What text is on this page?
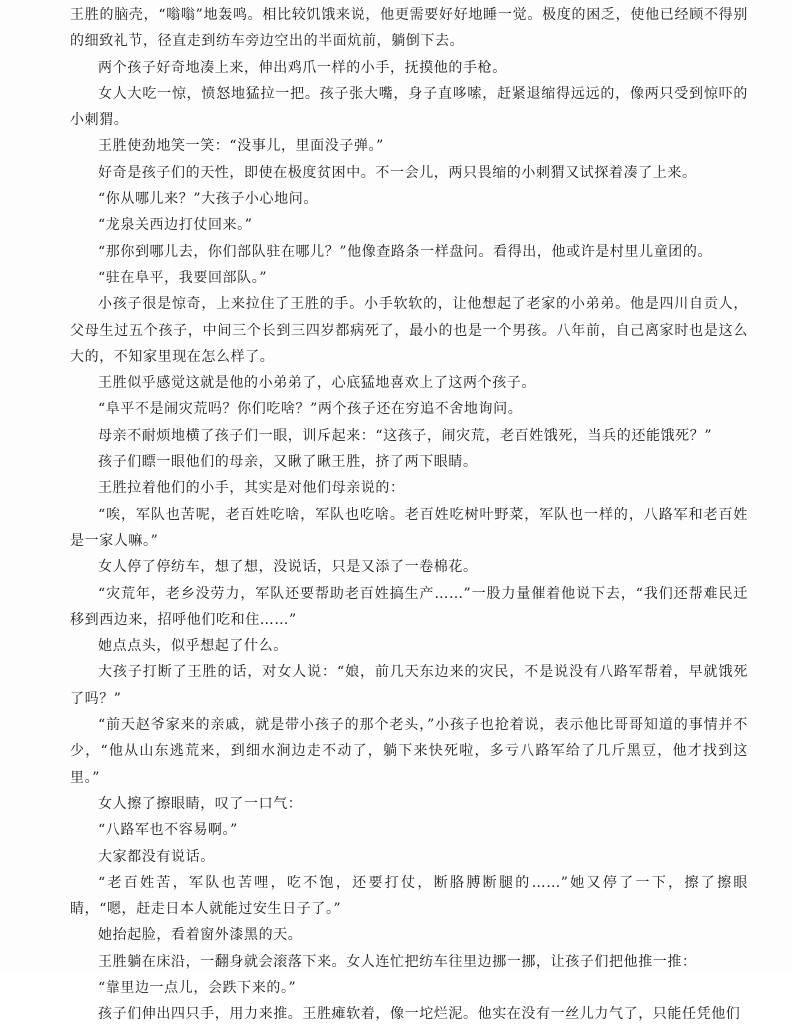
王胜的脑壳，“嗡嗡”地轰鸣。相比较饥饿来说，他更需要好好地睡一觉。极度的困乏，使他已经顾不得别的细致礼节，径直走到纺车旁边空出的半面炕前，躺倒下去。

两个孩子好奇地凑上来，伸出鸡爪一样的小手，抚摸他的手枪。

女人大吃一惊，愤怒地猛拉一把。孩子张大嘴，身子直哆嗦，赶紧退缩得远远的，像两只受到惊吓的小刺猬。

王胜使劲地笑一笑：“没事儿，里面没子弹。”

好奇是孩子们的天性，即使在极度贫困中。不一会儿，两只畏缩的小刺猬又试探着凑了上来。

“你从哪儿来？”大孩子小心地问。

“龙泉关西边打仗回来。”

“那你到哪儿去，你们部队驻在哪儿？”他像查路条一样盘问。看得出，他或许是村里儿童团的。

“驻在阜平，我要回部队。”

小孩子很是惊奇，上来拉住了王胜的手。小手软软的，让他想起了老家的小弟弟。他是四川自贡人，父母生过五个孩子，中间三个长到三四岁都病死了，最小的也是一个男孩。八年前，自己离家时也是这么大的，不知家里现在怎么样了。

王胜似乎感觉这就是他的小弟弟了，心底猛地喜欢上了这两个孩子。

“阜平不是闹灾荒吗？你们吃啥？”两个孩子还在穷追不舍地询问。

母亲不耐烦地横了孩子们一眼，训斥起来：“这孩子，闹灾荒，老百姓饿死，当兵的还能饿死？”

孩子们瞟一眼他们的母亲，又瞅了瞅王胜，挤了两下眼睛。

王胜拉着他们的小手，其实是对他们母亲说的：

“唉，军队也苦呢，老百姓吃啥，军队也吃啥。老百姓吃树叶野菜，军队也一样的，八路军和老百姓是一家人嘛。”

女人停了停纺车，想了想，没说话，只是又添了一卷棉花。

“灾荒年，老乡没劳力，军队还要帮助老百姓搞生产……”一股力量催着他说下去，“我们还帮难民迁移到西边来，招呼他们吃和住……”

她点点头，似乎想起了什么。

大孩子打断了王胜的话，对女人说：“娘，前几天东边来的灾民，不是说没有八路军帮着，早就饿死了吗？”

“前天赵爷家来的亲戚，就是带小孩子的那个老头，”小孩子也抢着说，表示他比哥哥知道的事情并不少，“他从山东逃荒来，到细水涧边走不动了，躺下来快死啦，多亏八路军给了几斤黑豆，他才找到这里。”

女人擦了擦眼睛，叹了一口气：

“八路军也不容易啊。”

大家都没有说话。

“老百姓苦，军队也苦哩，吃不饱，还要打仗，断胳膊断腿的……”她又停了一下，擦了擦眼睛，“嗯，赶走日本人就能过安生日子了。”

她抬起脸，看着窗外漆黑的天。

王胜躺在床沿，一翻身就会滚落下来。女人连忙把纺车往里边挪一挪，让孩子们把他推一推：

“靠里边一点儿，会跌下来的。”

孩子们伸出四只手，用力来推。王胜瘫软着，像一坨烂泥。他实在没有一丝儿力气了，只能任凭他们
